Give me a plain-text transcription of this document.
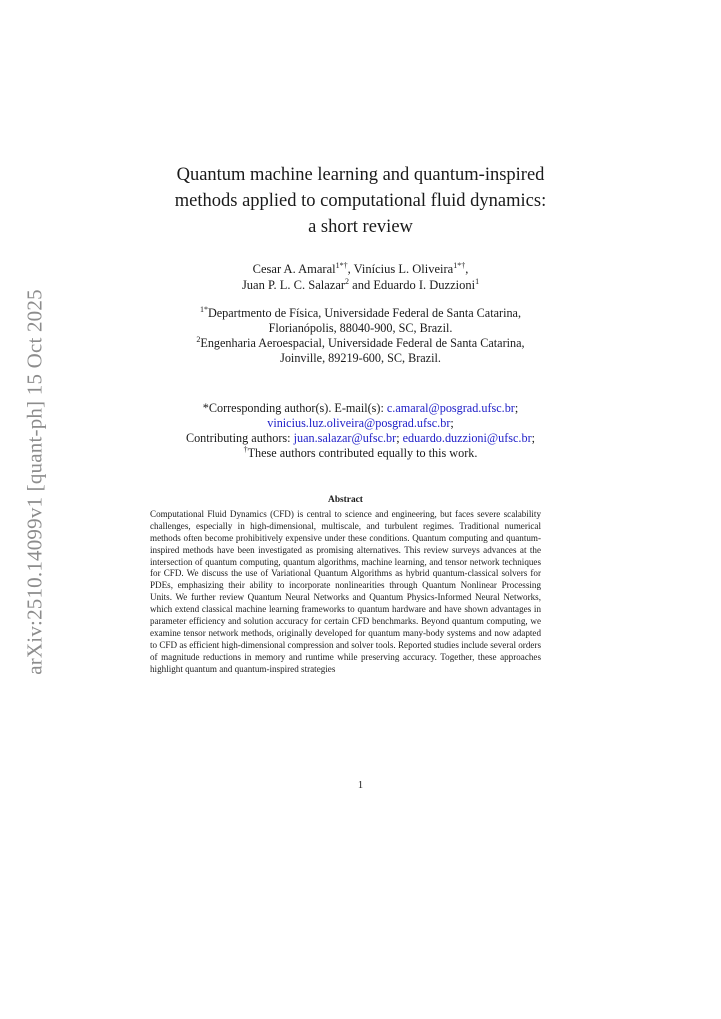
arXiv:2510.14099v1 [quant-ph] 15 Oct 2025
Quantum machine learning and quantum-inspired
methods applied to computational fluid dynamics:
a short review
Cesar A. Amaral$^{1*\dagger}$, Vinícius L. Oliveira$^{1*\dagger}$,
Juan P. L. C. Salazar$^2$ and Eduardo I. Duzzioni$^1$
$^{1*}$Departmento de Física, Universidade Federal de Santa Catarina,
Florianópolis, 88040-900, SC, Brazil.
$^2$Engenharia Aeroespacial, Universidade Federal de Santa Catarina,
Joinville, 89219-600, SC, Brazil.
*Corresponding author(s). E-mail(s): c.amaral@posgrad.ufsc.br;
vinicius.luz.oliveira@posgrad.ufsc.br;
Contributing authors: juan.salazar@ufsc.br; eduardo.duzzioni@ufsc.br;
†These authors contributed equally to this work.
Abstract
Computational Fluid Dynamics (CFD) is central to science and engineering, but faces severe scalability challenges, especially in high-dimensional, multiscale, and turbulent regimes. Traditional numerical methods often become prohibitively expensive under these conditions. Quantum computing and quantum-inspired methods have been investigated as promising alternatives. This review surveys advances at the intersection of quantum computing, quantum algorithms, machine learning, and tensor network techniques for CFD. We discuss the use of Variational Quantum Algorithms as hybrid quantum-classical solvers for PDEs, emphasizing their ability to incorporate nonlinearities through Quantum Nonlinear Processing Units. We further review Quantum Neural Networks and Quantum Physics-Informed Neural Networks, which extend classical machine learning frameworks to quantum hardware and have shown advantages in parameter efficiency and solution accuracy for certain CFD benchmarks. Beyond quantum computing, we examine tensor network methods, originally developed for quantum many-body systems and now adapted to CFD as efficient high-dimensional compression and solver tools. Reported studies include several orders of magnitude reductions in memory and runtime while preserving accuracy. Together, these approaches highlight quantum and quantum-inspired strategies
1
